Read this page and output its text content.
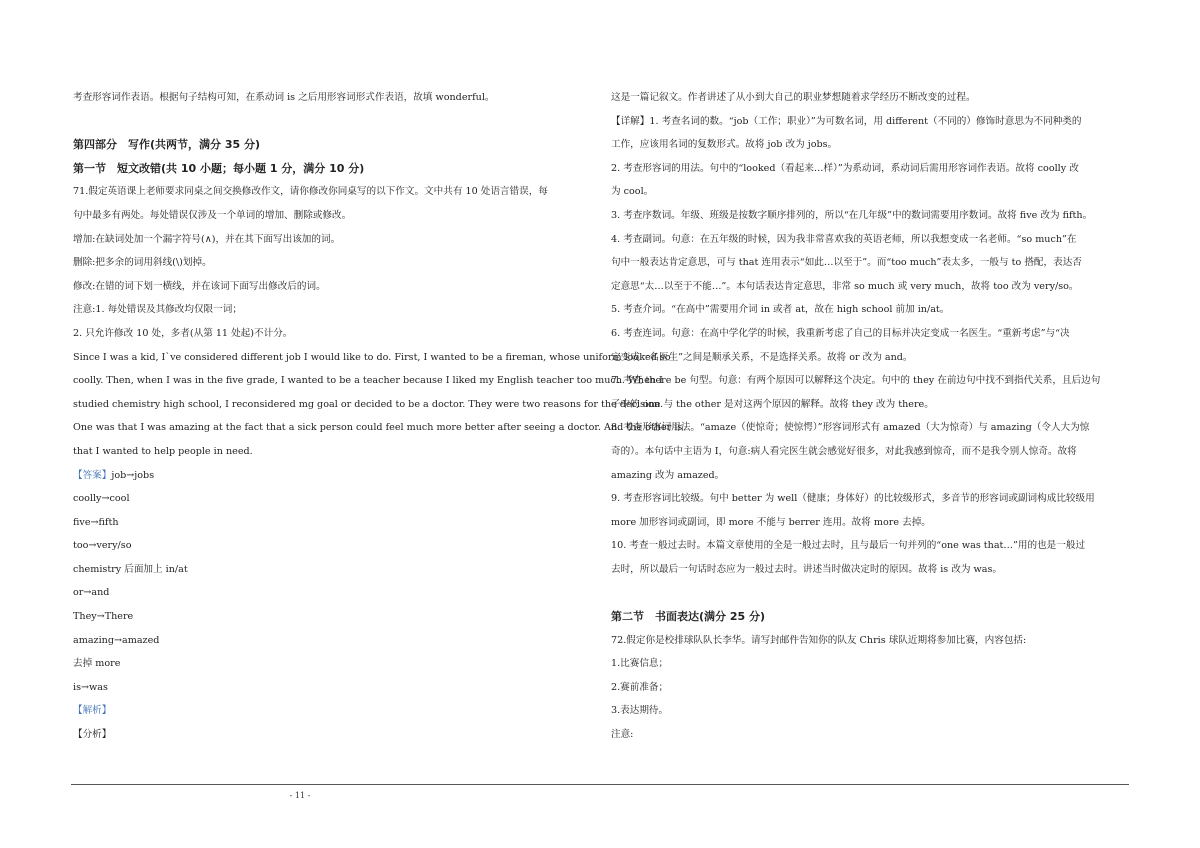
考查形容词作表语。根据句子结构可知，在系动词 is 之后用形容词形式作表语，故填 wonderful。

第四部分　写作(共两节，满分 35 分)

第一节　短文改错(共 10 小题；每小题 1 分，满分 10 分)

71.假定英语课上老师要求同桌之间交换修改作文，请你修改你同桌写的以下作文。文中共有 10 处语言错误，每

句中最多有两处。每处错误仅涉及一个单词的增加、删除或修改。

增加:在缺词处加一个漏字符号(∧)，并在其下面写出该加的词。

删除:把多余的词用斜线(\)划掉。

修改:在错的词下划一横线，并在该词下面写出修改后的词。

注意:1. 每处错误及其修改均仅限一词；

2. 只允许修改 10 处，多者(从第 11 处起)不计分。

Since I was a kid, I`ve considered different job I would like to do. First, I wanted to be a fireman, whose uniform looked so

coolly. Then, when I was in the five grade, I wanted to be a teacher because I liked my English teacher too much. When I

studied chemistry high school, I reconsidered mg goal or decided to be a doctor. They were two reasons for the decision.

One was that I was amazing at the fact that a sick person could feel much more better after seeing a doctor. And the other is

that I wanted to help people in need.

【答案】job→jobs

coolly→cool

five→fifth

too→very/so

chemistry 后面加上 in/at

or→and

They→There

amazing→amazed

去掉 more

is→was

【解析】

【分析】

这是一篇记叙文。作者讲述了从小到大自己的职业梦想随着求学经历不断改变的过程。

【详解】1. 考查名词的数。“job（工作；职业）”为可数名词，用 different（不同的）修饰时意思为不同种类的

工作，应该用名词的复数形式。故将 job 改为 jobs。

2. 考查形容词的用法。句中的“looked（看起来…样）”为系动词，系动词后需用形容词作表语。故将 coolly 改

为 cool。

3. 考查序数词。年级、班级是按数字顺序排列的，所以“在几年级”中的数词需要用序数词。故将 five 改为 fifth。

4. 考查副词。句意：在五年级的时候，因为我非常喜欢我的英语老师，所以我想变成一名老师。“so much”在

句中一般表达肯定意思，可与 that 连用表示“如此…以至于”。而“too much”表太多，一般与 to 搭配，表达否

定意思“太…以至于不能…”。本句话表达肯定意思，非常 so much 或 very much，故将 too 改为 very/so。

5. 考查介词。“在高中”需要用介词 in 或者 at，故在 high school 前加 in/at。

6. 考查连词。句意：在高中学化学的时候，我重新考虑了自己的目标并决定变成一名医生。“重新考虑”与“决

定变成一名医生”之间是顺承关系，不是选择关系。故将 or 改为 and。

7. 考查 there be 句型。句意：有两个原因可以解释这个决定。句中的 they 在前边句中找不到指代关系，且后边句

子中的 one 与 the other 是对这两个原因的解释。故将 they 改为 there。

8. 考查形容词用法。“amaze（使惊奇；使惊愕）”形容词形式有 amazed（大为惊奇）与 amazing（令人大为惊

奇的）。本句话中主语为 I，句意:病人看完医生就会感觉好很多，对此我感到惊奇，而不是我令别人惊奇。故将

amazing 改为 amazed。

9. 考查形容词比较级。句中 better 为 well（健康；身体好）的比较级形式，多音节的形容词或副词构成比较级用

more 加形容词或副词，即 more 不能与 berrer 连用。故将 more 去掉。

10. 考查一般过去时。本篇文章使用的全是一般过去时，且与最后一句并列的“one was that…”用的也是一般过

去时，所以最后一句话时态应为一般过去时。讲述当时做决定时的原因。故将 is 改为 was。

第二节　书面表达(满分 25 分)

72.假定你是校排球队队长李华。请写封邮件告知你的队友 Chris 球队近期将参加比赛，内容包括:

1.比赛信息；

2.赛前准备；

3.表达期待。

注意:

- 11 -
